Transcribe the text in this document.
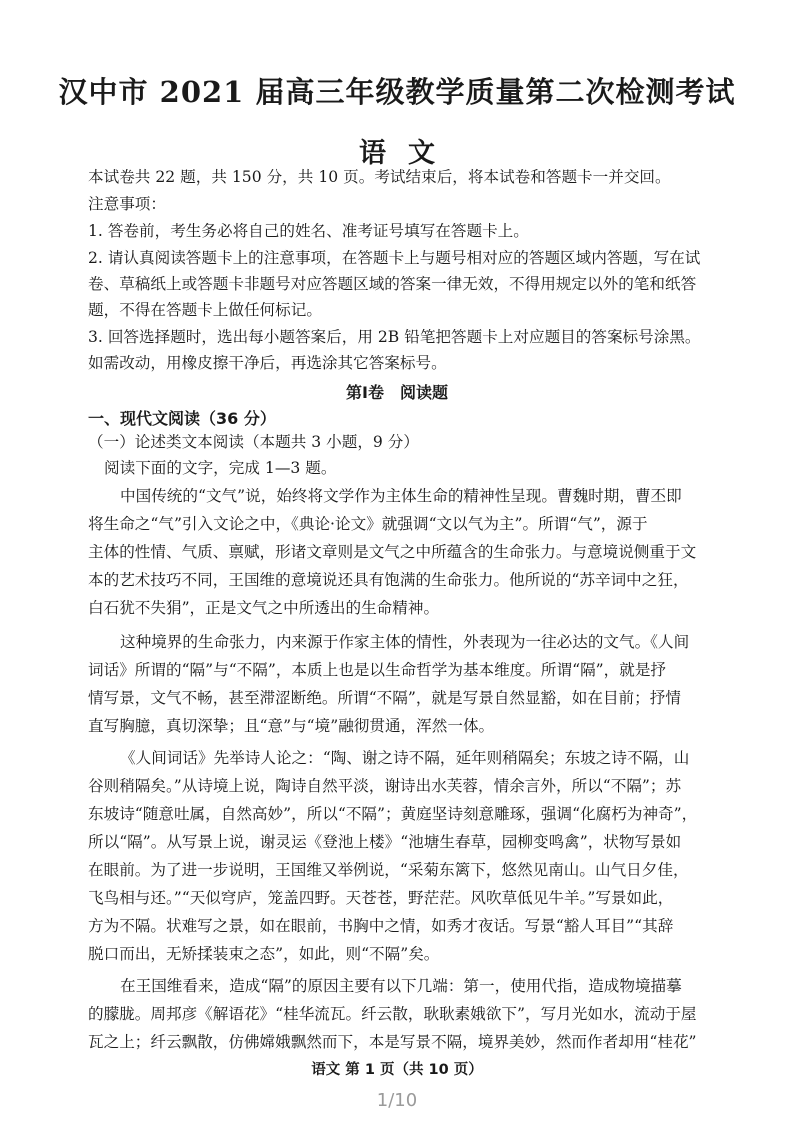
汉中市 2021 届高三年级教学质量第二次检测考试
语文
本试卷共 22 题，共 150 分，共 10 页。考试结束后，将本试卷和答题卡一并交回。
注意事项：
1. 答卷前，考生务必将自己的姓名、准考证号填写在答题卡上。
2. 请认真阅读答题卡上的注意事项，在答题卡上与题号相对应的答题区域内答题，写在试
卷、草稿纸上或答题卡非题号对应答题区域的答案一律无效，不得用规定以外的笔和纸答
题，不得在答题卡上做任何标记。
3. 回答选择题时，选出每小题答案后，用 2B 铅笔把答题卡上对应题目的答案标号涂黑。
如需改动，用橡皮擦干净后，再选涂其它答案标号。
第Ⅰ卷　阅读题
一、现代文阅读（36 分）
（一）论述类文本阅读（本题共 3 小题，9 分）
阅读下面的文字，完成 1—3 题。
中国传统的“文气”说，始终将文学作为主体生命的精神性呈现。曹魏时期，曹丕即
将生命之“气”引入文论之中，《典论·论文》就强调“文以气为主”。所谓“气”，源于
主体的性情、气质、禀赋，形诸文章则是文气之中所蕴含的生命张力。与意境说侧重于文
本的艺术技巧不同，王国维的意境说还具有饱满的生命张力。他所说的“苏辛词中之狂，
白石犹不失狷”，正是文气之中所透出的生命精神。
这种境界的生命张力，内来源于作家主体的情性，外表现为一往必达的文气。《人间
词话》所谓的“隔”与“不隔”，本质上也是以生命哲学为基本维度。所谓“隔”，就是抒
情写景，文气不畅，甚至滞涩断绝。所谓“不隔”，就是写景自然显豁，如在目前；抒情
直写胸臆，真切深挚；且“意”与“境”融彻贯通，浑然一体。
《人间词话》先举诗人论之：“陶、谢之诗不隔，延年则稍隔矣；东坡之诗不隔，山
谷则稍隔矣。”从诗境上说，陶诗自然平淡，谢诗出水芙蓉，情余言外，所以“不隔”；苏
东坡诗“随意吐属，自然高妙”，所以“不隔”；黄庭坚诗刻意雕琢，强调“化腐朽为神奇”，
所以“隔”。从写景上说，谢灵运《登池上楼》“池塘生春草，园柳变鸣禽”，状物写景如
在眼前。为了进一步说明，王国维又举例说，“采菊东篱下，悠然见南山。山气日夕佳，
飞鸟相与还。”“天似穹庐，笼盖四野。天苍苍，野茫茫。风吹草低见牛羊。”写景如此，
方为不隔。状难写之景，如在眼前，书胸中之情，如秀才夜话。写景“豁人耳目”“其辞
脱口而出，无矫揉装束之态”，如此，则“不隔”矣。
在王国维看来，造成“隔”的原因主要有以下几端：第一，使用代指，造成物境描摹
的朦胧。周邦彦《解语花》“桂华流瓦。纤云散，耿耿素娥欲下”，写月光如水，流动于屋
语文 第 1 页（共 10 页）
1/10
瓦之上；纤云飘散，仿佛嫦娥飘然而下，本是写景不隔，境界美妙，然而作者却用“桂花”
